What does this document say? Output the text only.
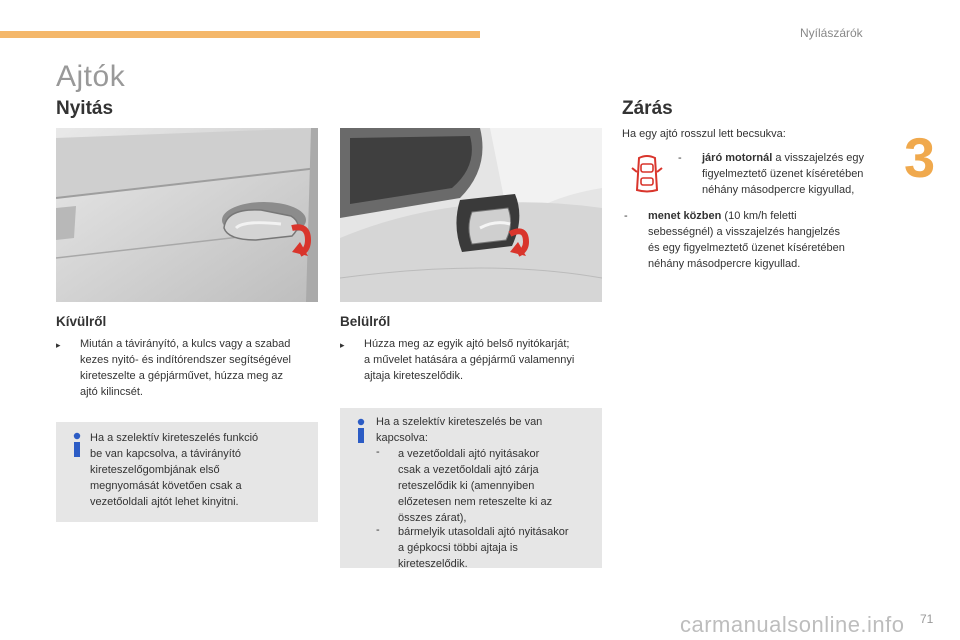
Nyílászárók
3
Ajtók
Nyitás	Zárás
Kívülről
▸ Miután a távirányító, a kulcs vagy a szabad
kezes nyitó- és indítórendszer segítségével
kireteszelte a gépjárművet, húzza meg az
ajtó kilincsét.
Ha a szelektív kireteszelés funkció
be van kapcsolva, a távirányító
kireteszelőgombjának első
megnyomását követően csak a
vezetőoldali ajtót lehet kinyitni.
Belülről
▸ Húzza meg az egyik ajtó belső nyitókarját;
a művelet hatására a gépjármű valamennyi
ajtaja kireteszelődik.
Ha a szelektív kireteszelés be van
kapcsolva:
- a vezetőoldali ajtó nyitásakor
csak a vezetőoldali ajtó zárja
reteszelődik ki (amennyiben
előzetesen nem reteszelte ki az
összes zárat),
- bármelyik utasoldali ajtó nyitásakor
a gépkocsi többi ajtaja is
kireteszelődik.
Ha egy ajtó rosszul lett becsukva:
- járó motornál a visszajelzés egy
figyelmeztető üzenet kíséretében
néhány másodpercre kigyullad,
- menet közben (10 km/h feletti
sebességnél) a visszajelzés hangjelzés
és egy figyelmeztető üzenet kíséretében
néhány másodpercre kigyullad.
carmanualsonline.info 71
